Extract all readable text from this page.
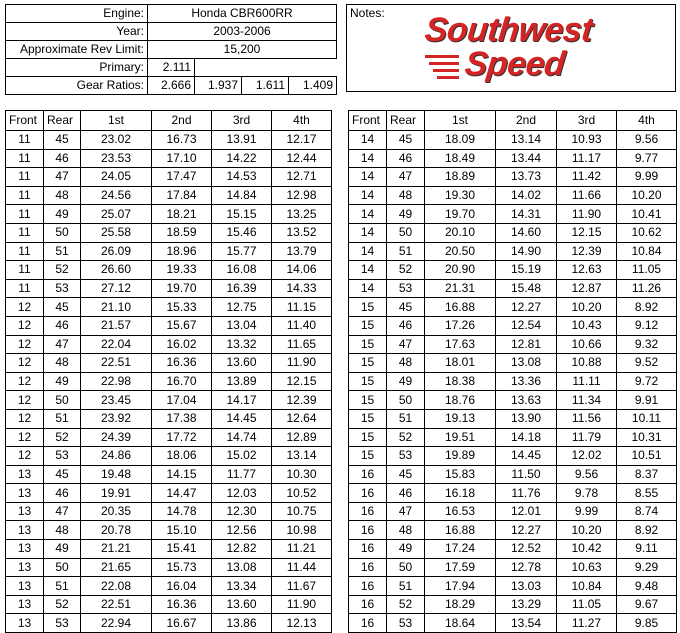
Engine:	Honda CBR600RR			
Year:	2003-2006			
Approximate Rev Limit:	15,200			
Primary:	2.111			
Gear Ratios:	2.666	1.937	1.611	1.409
Notes: Southwest
Speed
Front	Rear	1st	2nd	3rd	4th
11	45	23.02	16.73	13.91	12.17
11	46	23.53	17.10	14.22	12.44
11	47	24.05	17.47	14.53	12.71
11	48	24.56	17.84	14.84	12.98
11	49	25.07	18.21	15.15	13.25
11	50	25.58	18.59	15.46	13.52
11	51	26.09	18.96	15.77	13.79
11	52	26.60	19.33	16.08	14.06
11	53	27.12	19.70	16.39	14.33
12	45	21.10	15.33	12.75	11.15
12	46	21.57	15.67	13.04	11.40
12	47	22.04	16.02	13.32	11.65
12	48	22.51	16.36	13.60	11.90
12	49	22.98	16.70	13.89	12.15
12	50	23.45	17.04	14.17	12.39
12	51	23.92	17.38	14.45	12.64
12	52	24.39	17.72	14.74	12.89
12	53	24.86	18.06	15.02	13.14
13	45	19.48	14.15	11.77	10.30
13	46	19.91	14.47	12.03	10.52
13	47	20.35	14.78	12.30	10.75
13	48	20.78	15.10	12.56	10.98
13	49	21.21	15.41	12.82	11.21
13	50	21.65	15.73	13.08	11.44
13	51	22.08	16.04	13.34	11.67
13	52	22.51	16.36	13.60	11.90
13	53	22.94	16.67	13.86	12.13
Front	Rear	1st	2nd	3rd	4th
14	45	18.09	13.14	10.93	9.56
14	46	18.49	13.44	11.17	9.77
14	47	18.89	13.73	11.42	9.99
14	48	19.30	14.02	11.66	10.20
14	49	19.70	14.31	11.90	10.41
14	50	20.10	14.60	12.15	10.62
14	51	20.50	14.90	12.39	10.84
14	52	20.90	15.19	12.63	11.05
14	53	21.31	15.48	12.87	11.26
15	45	16.88	12.27	10.20	8.92
15	46	17.26	12.54	10.43	9.12
15	47	17.63	12.81	10.66	9.32
15	48	18.01	13.08	10.88	9.52
15	49	18.38	13.36	11.11	9.72
15	50	18.76	13.63	11.34	9.91
15	51	19.13	13.90	11.56	10.11
15	52	19.51	14.18	11.79	10.31
15	53	19.89	14.45	12.02	10.51
16	45	15.83	11.50	9.56	8.37
16	46	16.18	11.76	9.78	8.55
16	47	16.53	12.01	9.99	8.74
16	48	16.88	12.27	10.20	8.92
16	49	17.24	12.52	10.42	9.11
16	50	17.59	12.78	10.63	9.29
16	51	17.94	13.03	10.84	9.48
16	52	18.29	13.29	11.05	9.67
16	53	18.64	13.54	11.27	9.85
